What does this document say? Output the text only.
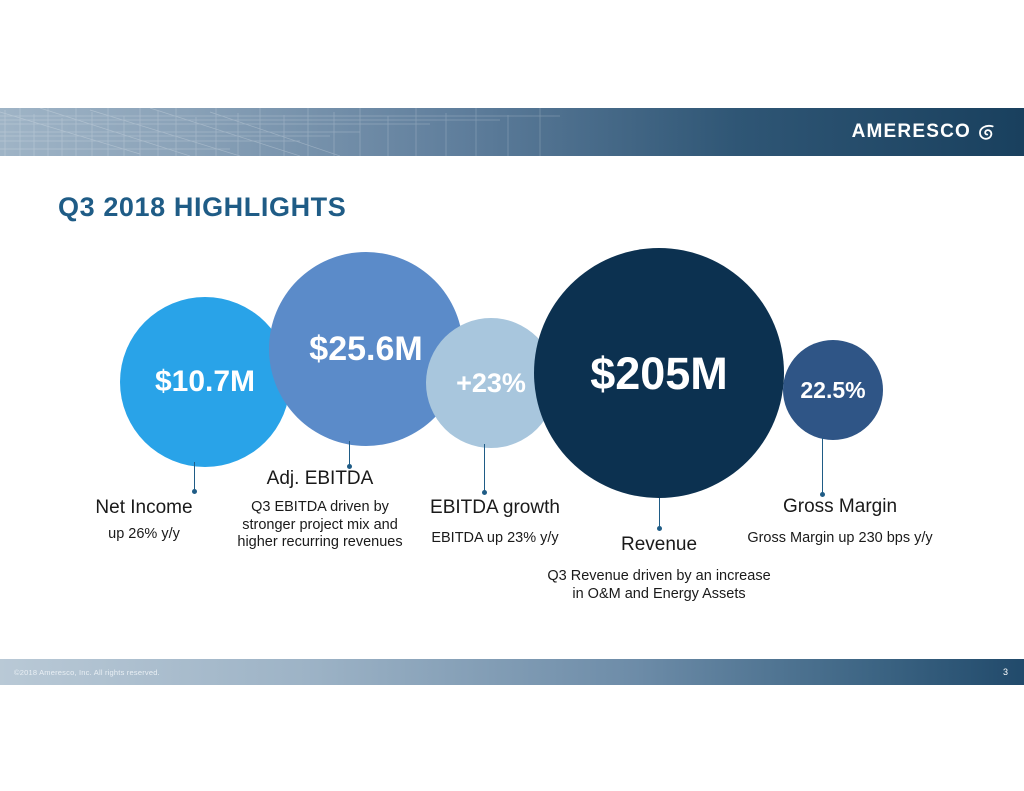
AMERESCO
Q3 2018 HIGHLIGHTS
$10.7M
Net Income
up 26% y/y
$25.6M
Adj. EBITDA
Q3 EBITDA driven by stronger project mix and higher recurring revenues
+23%
EBITDA growth
EBITDA up 23% y/y
$205M
Revenue
Q3 Revenue driven by an increase in O&M and Energy Assets
22.5%
Gross Margin
Gross Margin up 230 bps y/y
©2018 Ameresco, Inc. All rights reserved.	3
